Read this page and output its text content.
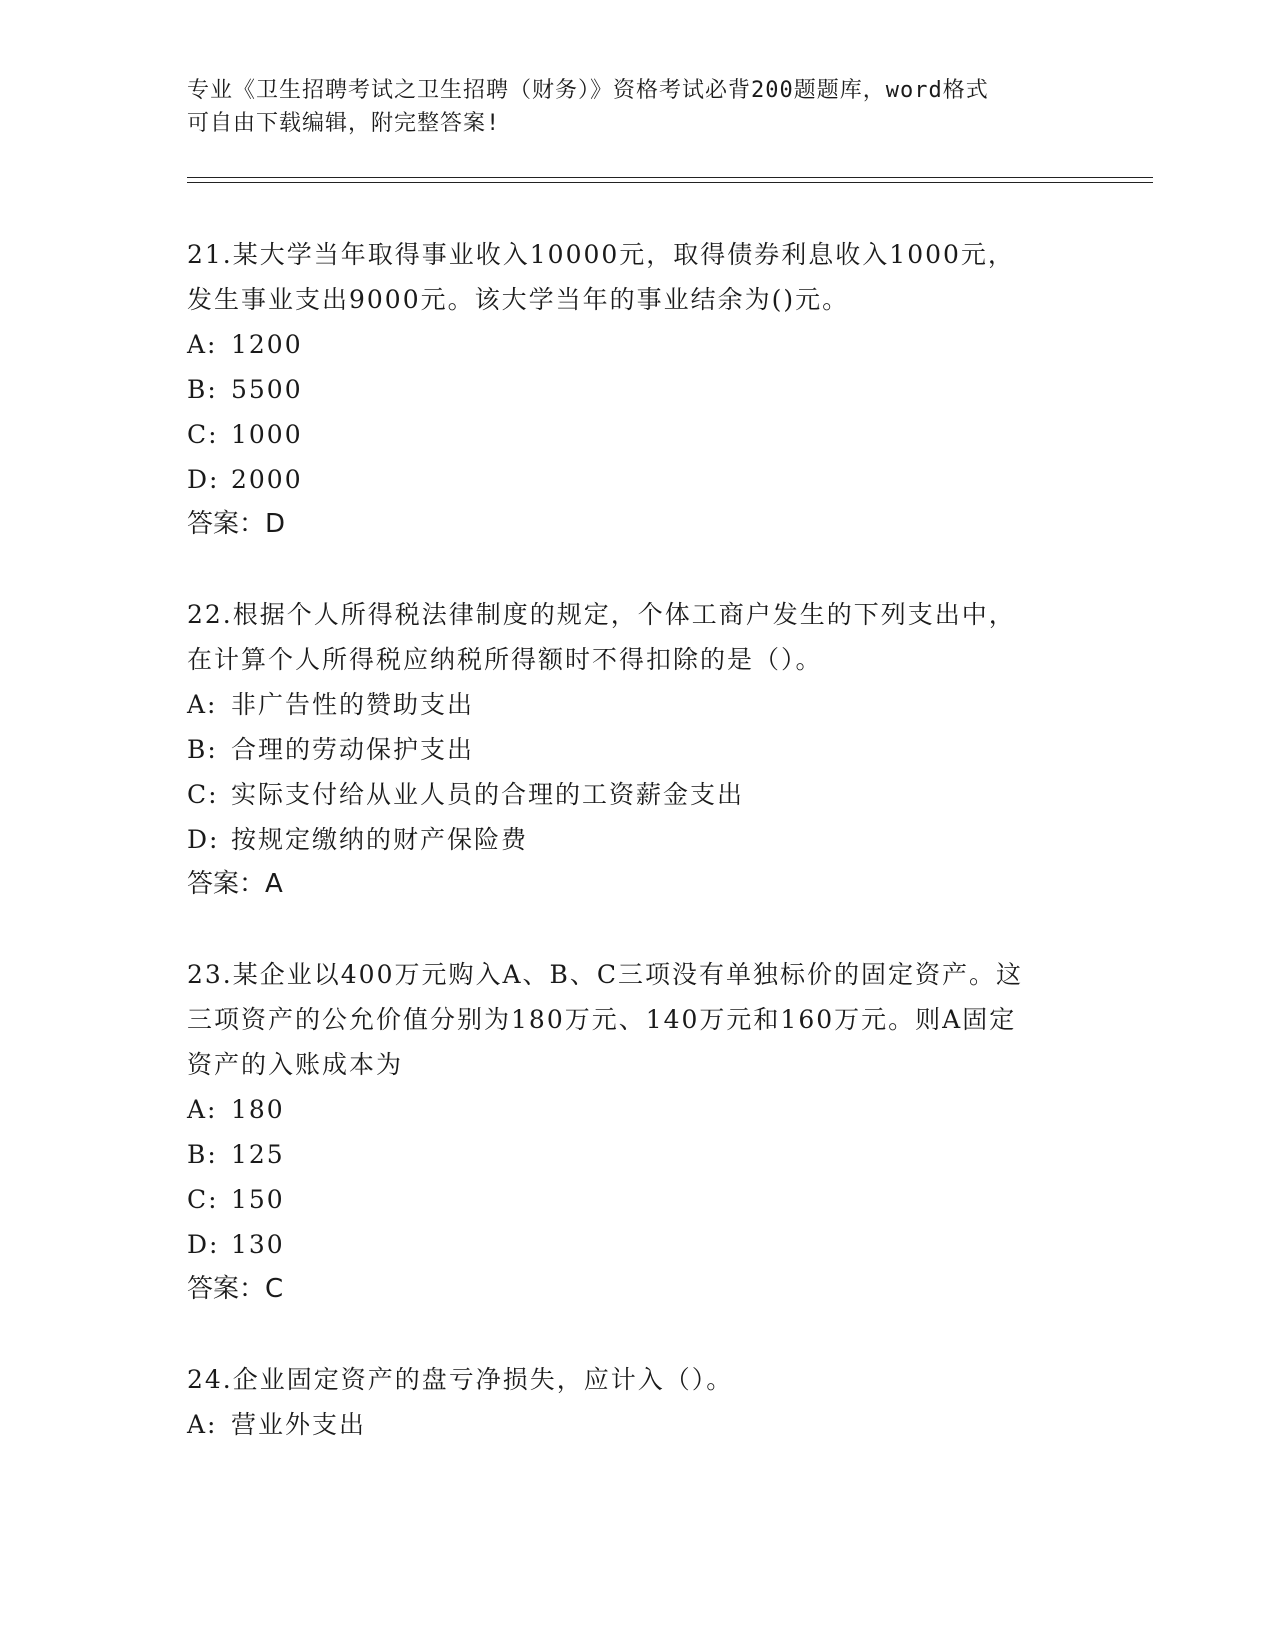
专业《卫生招聘考试之卫生招聘（财务）》资格考试必背200题题库，word格式
可自由下载编辑，附完整答案!

21.某大学当年取得事业收入10000元，取得债券利息收入1000元，

发生事业支出9000元。该大学当年的事业结余为()元。

A: 1200

B: 5500

C: 1000

D: 2000

答案：D

22.根据个人所得税法律制度的规定，个体工商户发生的下列支出中，

在计算个人所得税应纳税所得额时不得扣除的是（）。

A: 非广告性的赞助支出

B: 合理的劳动保护支出

C: 实际支付给从业人员的合理的工资薪金支出

D: 按规定缴纳的财产保险费

答案：A

23.某企业以400万元购入A、B、C三项没有单独标价的固定资产。这

三项资产的公允价值分别为180万元、140万元和160万元。则A固定

资产的入账成本为

A: 180

B: 125

C: 150

D: 130

答案：C

24.企业固定资产的盘亏净损失，应计入（）。

A: 营业外支出
